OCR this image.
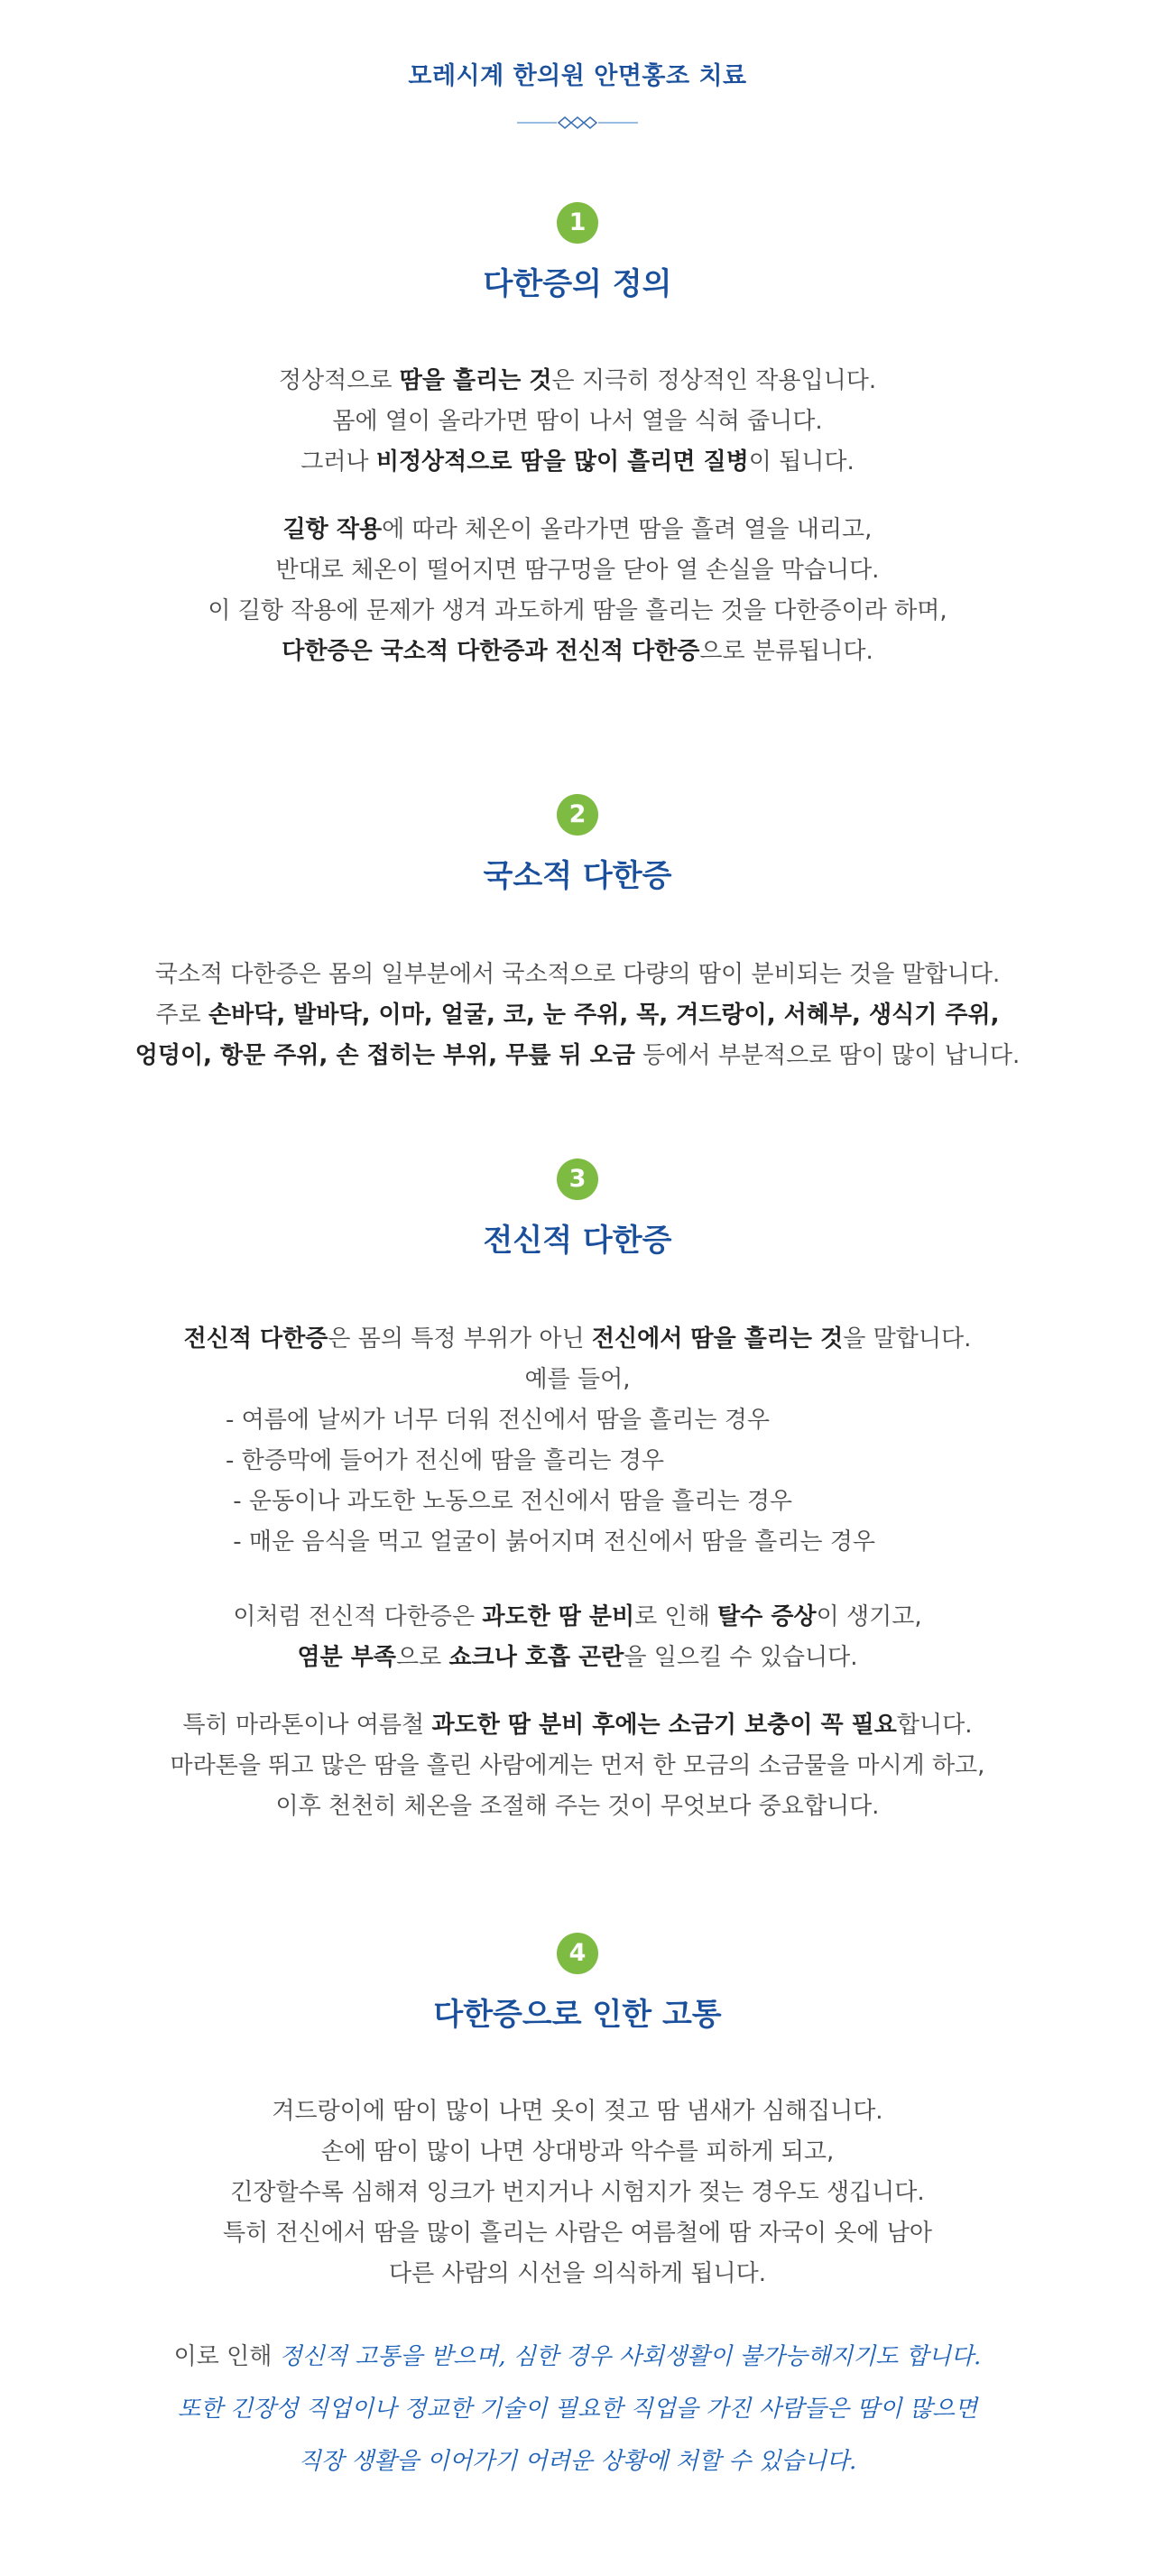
모레시계 한의원 안면홍조 치료
1
다한증의 정의
정상적으로 땀을 흘리는 것은 지극히 정상적인 작용입니다.
몸에 열이 올라가면 땀이 나서 열을 식혀 줍니다.
그러나 비정상적으로 땀을 많이 흘리면 질병이 됩니다.
길항 작용에 따라 체온이 올라가면 땀을 흘려 열을 내리고,
반대로 체온이 떨어지면 땀구멍을 닫아 열 손실을 막습니다.
이 길항 작용에 문제가 생겨 과도하게 땀을 흘리는 것을 다한증이라 하며,
다한증은 국소적 다한증과 전신적 다한증으로 분류됩니다.
2
국소적 다한증
국소적 다한증은 몸의 일부분에서 국소적으로 다량의 땀이 분비되는 것을 말합니다.
주로 손바닥, 발바닥, 이마, 얼굴, 코, 눈 주위, 목, 겨드랑이, 서혜부, 생식기 주위,
엉덩이, 항문 주위, 손 접히는 부위, 무릎 뒤 오금 등에서 부분적으로 땀이 많이 납니다.
3
전신적 다한증
전신적 다한증은 몸의 특정 부위가 아닌 전신에서 땀을 흘리는 것을 말합니다.
예를 들어,
- 여름에 날씨가 너무 더워 전신에서 땀을 흘리는 경우
- 한증막에 들어가 전신에 땀을 흘리는 경우
- 운동이나 과도한 노동으로 전신에서 땀을 흘리는 경우
- 매운 음식을 먹고 얼굴이 붉어지며 전신에서 땀을 흘리는 경우
이처럼 전신적 다한증은 과도한 땀 분비로 인해 탈수 증상이 생기고,
염분 부족으로 쇼크나 호흡 곤란을 일으킬 수 있습니다.
특히 마라톤이나 여름철 과도한 땀 분비 후에는 소금기 보충이 꼭 필요합니다.
마라톤을 뛰고 많은 땀을 흘린 사람에게는 먼저 한 모금의 소금물을 마시게 하고,
이후 천천히 체온을 조절해 주는 것이 무엇보다 중요합니다.
4
다한증으로 인한 고통
겨드랑이에 땀이 많이 나면 옷이 젖고 땀 냄새가 심해집니다.
손에 땀이 많이 나면 상대방과 악수를 피하게 되고,
긴장할수록 심해져 잉크가 번지거나 시험지가 젖는 경우도 생깁니다.
특히 전신에서 땀을 많이 흘리는 사람은 여름철에 땀 자국이 옷에 남아
다른 사람의 시선을 의식하게 됩니다.
이로 인해 정신적 고통을 받으며, 심한 경우 사회생활이 불가능해지기도 합니다.
또한 긴장성 직업이나 정교한 기술이 필요한 직업을 가진 사람들은 땀이 많으면
직장 생활을 이어가기 어려운 상황에 처할 수 있습니다.
